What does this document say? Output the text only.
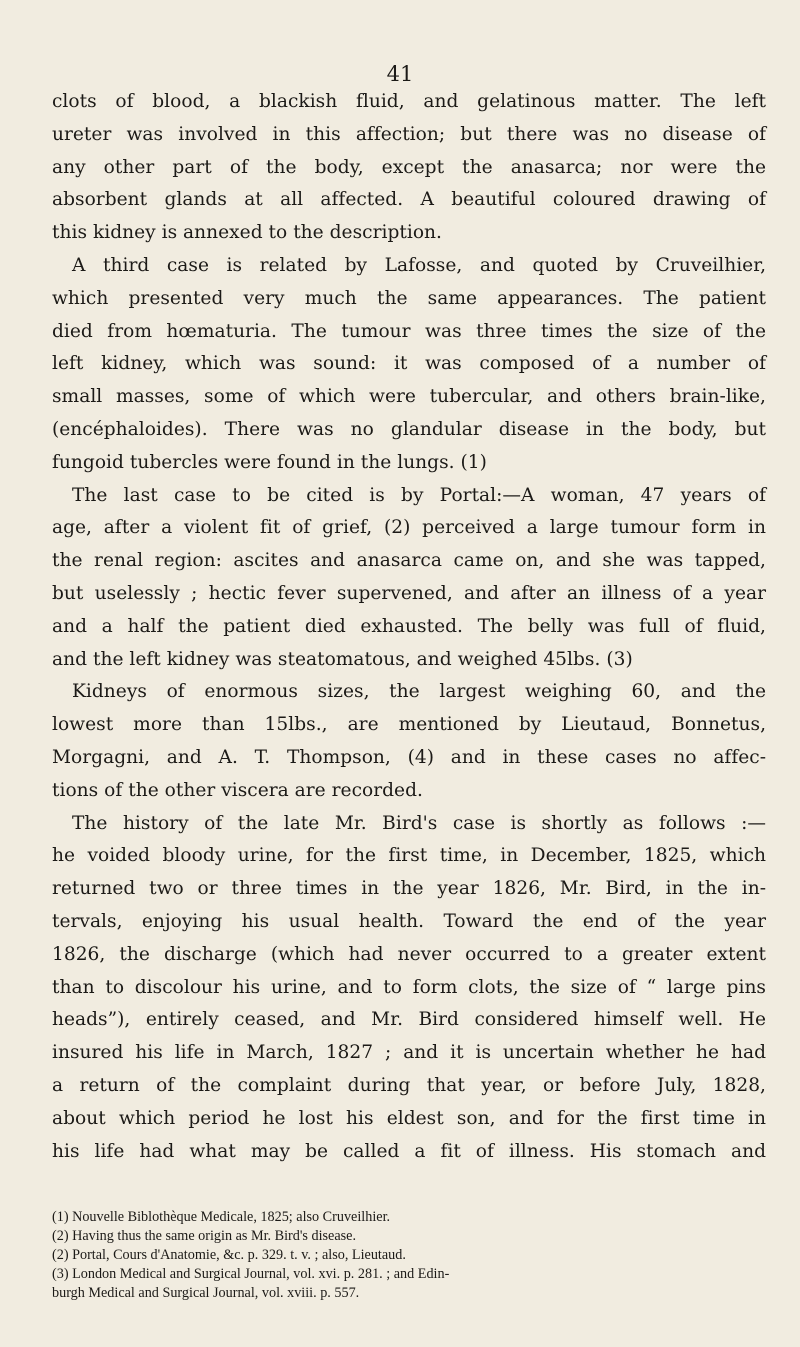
41
clots of blood, a blackish fluid, and gelatinous matter. The left
ureter was involved in this affection; but there was no disease of
any other part of the body, except the anasarca; nor were the
absorbent glands at all affected. A beautiful coloured drawing of
this kidney is annexed to the description.
A third case is related by Lafosse, and quoted by Cruveilhier,
which presented very much the same appearances. The patient
died from hœmaturia. The tumour was three times the size of the
left kidney, which was sound: it was composed of a number of
small masses, some of which were tubercular, and others brain-like,
(encéphaloides). There was no glandular disease in the body, but
fungoid tubercles were found in the lungs. (1)
The last case to be cited is by Portal:—A woman, 47 years of
age, after a violent fit of grief, (2) perceived a large tumour form in
the renal region: ascites and anasarca came on, and she was tapped,
but uselessly ; hectic fever supervened, and after an illness of a year
and a half the patient died exhausted. The belly was full of fluid,
and the left kidney was steatomatous, and weighed 45lbs. (3)
Kidneys of enormous sizes, the largest weighing 60, and the
lowest more than 15lbs., are mentioned by Lieutaud, Bonnetus,
Morgagni, and A. T. Thompson, (4) and in these cases no affec-
tions of the other viscera are recorded.
The history of the late Mr. Bird's case is shortly as follows :—
he voided bloody urine, for the first time, in December, 1825, which
returned two or three times in the year 1826, Mr. Bird, in the in-
tervals, enjoying his usual health. Toward the end of the year
1826, the discharge (which had never occurred to a greater extent
than to discolour his urine, and to form clots, the size of “ large pins
heads”), entirely ceased, and Mr. Bird considered himself well. He
insured his life in March, 1827 ; and it is uncertain whether he had
a return of the complaint during that year, or before July, 1828,
about which period he lost his eldest son, and for the first time in
his life had what may be called a fit of illness. His stomach and
(1) Nouvelle Biblothèque Medicale, 1825; also Cruveilhier.
(2) Having thus the same origin as Mr. Bird's disease.
(2) Portal, Cours d'Anatomie, &c. p. 329. t. v. ; also, Lieutaud.
(3) London Medical and Surgical Journal, vol. xvi. p. 281. ; and Edin-
burgh Medical and Surgical Journal, vol. xviii. p. 557.
